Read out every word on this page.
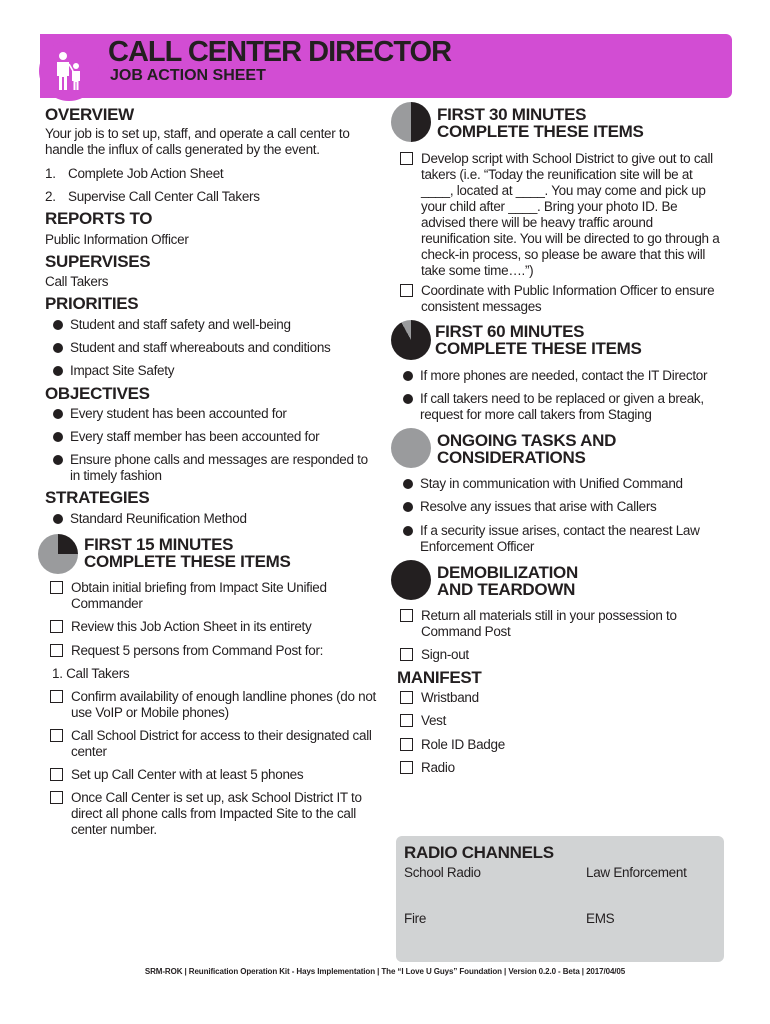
CALL CENTER DIRECTOR
JOB ACTION SHEET
OVERVIEW
Your job is to set up, staff, and operate a call center to handle the influx of calls generated by the event.
1. Complete Job Action Sheet
2. Supervise Call Center Call Takers
REPORTS TO
Public Information Officer
SUPERVISES
Call Takers
PRIORITIES
Student and staff safety and well-being
Student and staff whereabouts and conditions
Impact Site Safety
OBJECTIVES
Every student has been accounted for
Every staff member has been accounted for
Ensure phone calls and messages are responded to in timely fashion
STRATEGIES
Standard Reunification Method
FIRST 15 MINUTES
COMPLETE THESE ITEMS
Obtain initial briefing from Impact Site Unified Commander
Review this Job Action Sheet in its entirety
Request 5 persons from Command Post for:
1. Call Takers
Confirm availability of enough landline phones (do not use VoIP or Mobile phones)
Call School District for access to their designated call center
Set up Call Center with at least 5 phones
Once Call Center is set up, ask School District IT to direct all phone calls from Impacted Site to the call center number.
FIRST 30 MINUTES
COMPLETE THESE ITEMS
Develop script with School District to give out to call takers (i.e. “Today the reunification site will be at ____, located at ____. You may come and pick up your child after ____. Bring your photo ID. Be advised there will be heavy traffic around reunification site. You will be directed to go through a check-in process, so please be aware that this will take some time….”)
Coordinate with Public Information Officer to ensure consistent messages
FIRST 60 MINUTES
COMPLETE THESE ITEMS
If more phones are needed, contact the IT Director
If call takers need to be replaced or given a break, request for more call takers from Staging
ONGOING TASKS AND
CONSIDERATIONS
Stay in communication with Unified Command
Resolve any issues that arise with Callers
If a security issue arises, contact the nearest Law Enforcement Officer
DEMOBILIZATION
AND TEARDOWN
Return all materials still in your possession to Command Post
Sign-out
MANIFEST
Wristband
Vest
Role ID Badge
Radio
RADIO CHANNELS
School Radio	Law Enforcement
Fire	EMS
SRM-ROK | Reunification Operation Kit - Hays Implementation | The “I Love U Guys” Foundation | Version 0.2.0 - Beta | 2017/04/05
